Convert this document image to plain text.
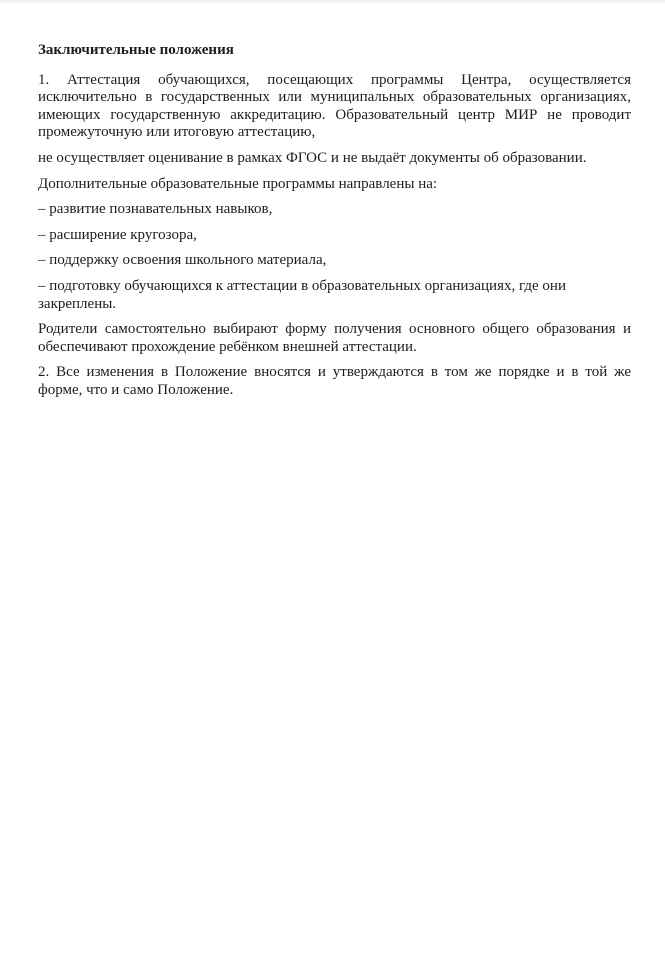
Заключительные положения

1. Аттестация обучающихся, посещающих программы Центра, осуществляется исключительно в государственных или муниципальных образовательных организациях, имеющих государственную аккредитацию. Образовательный центр МИР не проводит промежуточную или итоговую аттестацию,

не осуществляет оценивание в рамках ФГОС и не выдаёт документы об образовании.

Дополнительные образовательные программы направлены на:

– развитие познавательных навыков,

– расширение кругозора,

– поддержку освоения школьного материала,

– подготовку обучающихся к аттестации в образовательных организациях, где они закреплены.

Родители самостоятельно выбирают форму получения основного общего образования и обеспечивают прохождение ребёнком внешней аттестации.

2. Все изменения в Положение вносятся и утверждаются в том же порядке и в той же форме, что и само Положение.
